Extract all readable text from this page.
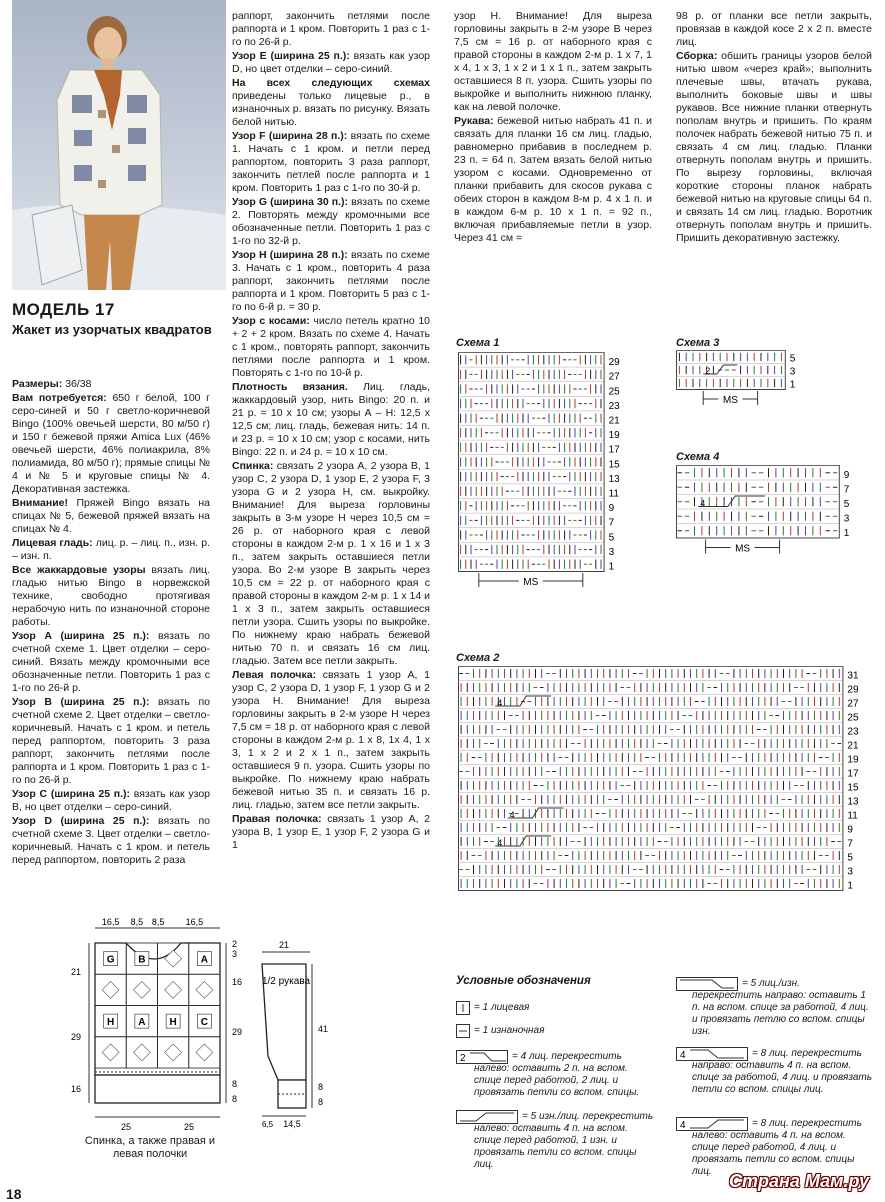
МОДЕЛЬ 17
Жакет из узорчатых квадратов

Размеры: 36/38

Вам потребуется: 650 г белой, 100 г серо-синей и 50 г светло-коричневой Bingo (100% овечьей шерсти, 80 м/50 г) и 150 г бежевой пряжи Amica Lux (46% овечьей шерсти, 46% полиакрила, 8% полиамида, 80 м/50 г); прямые спицы № 4 и № 5 и круговые спицы № 4. Декоративная застежка.

Внимание! Пряжей Bingo вязать на спицах № 5, бежевой пряжей вязать на спицах № 4.

Лицевая гладь: лиц. р. – лиц. п., изн. р. – изн. п.

Все жаккардовые узоры вязать лиц. гладью нитью Bingo в норвежской технике, свободно протягивая нерабочую нить по изнаночной стороне работы.

Узор А (ширина 25 п.): вязать по счетной схеме 1. Цвет отделки – серо-синий. Вязать между кромочными все обозначенные петли. Повторить 1 раз с 1-го по 26-й р.

Узор В (ширина 25 п.): вязать по счетной схеме 2. Цвет отделки – светло-коричневый. Начать с 1 кром. и петель перед раппортом, повторить 3 раза раппорт, закончить петлями после раппорта и 1 кром. Повторить 1 раз с 1-го по 26-й р.

Узор С (ширина 25 п.): вязать как узор В, но цвет отделки – серо-синий.

Узор D (ширина 25 п.): вязать по счетной схеме 3. Цвет отделки – светло-коричневый. Начать с 1 кром. и петель перед раппортом, повторить 2 раза

раппорт, закончить петлями после раппорта и 1 кром. Повторить 1 раз с 1-го по 26-й р.

Узор Е (ширина 25 п.): вязать как узор D, но цвет отделки – серо-синий.

На всех следующих схемах приведены только лицевые р., в изнаночных р. вязать по рисунку. Вязать белой нитью.

Узор F (ширина 28 п.): вязать по схеме 1. Начать с 1 кром. и петли перед раппортом, повторить 3 раза раппорт, закончить петлей после раппорта и 1 кром. Повторить 1 раз с 1-го по 30-й р.

Узор G (ширина 30 п.): вязать по схеме 2. Повторять между кромочными все обозначенные петли. Повторить 1 раз с 1-го по 32-й р.

Узор H (ширина 28 п.): вязать по схеме 3. Начать с 1 кром., повторить 4 раза раппорт, закончить петлями после раппорта и 1 кром. Повторить 5 раз с 1-го по 6-й р. = 30 р.

Узор с косами: число петель кратно 10 + 2 + 2 кром. Вязать по схеме 4. Начать с 1 кром., повторять раппорт, закончить петлями после раппорта и 1 кром. Повторять с 1-го по 10-й р.

Плотность вязания. Лиц. гладь, жаккардовый узор, нить Bingo: 20 п. и 21 р. = 10 x 10 см; узоры А – Н: 12,5 x 12,5 см; лиц. гладь, бежевая нить: 14 п. и 23 р. = 10 x 10 см; узор с косами, нить Bingo: 22 п. и 24 р. = 10 x 10 см.

Спинка: связать 2 узора А, 2 узора В, 1 узор С, 2 узора D, 1 узор Е, 2 узора F, 3 узора G и 2 узора H, см. выкройку. Внимание! Для выреза горловины закрыть в 3-м узоре H через 10,5 см = 26 р. от наборного края с левой стороны в каждом 2-м р. 1 x 16 и 1 x 3 п., затем закрыть оставшиеся петли узора. Во 2-м узоре В закрыть через 10,5 см = 22 р. от наборного края с правой стороны в каждом 2-м р. 1 x 14 и 1 x 3 п., затем закрыть оставшиеся петли узора. Сшить узоры по выкройке. По нижнему краю набрать бежевой нитью 70 п. и связать 16 см лиц. гладью. Затем все петли закрыть.

Левая полочка: связать 1 узор А, 1 узор С, 2 узора D, 1 узор F, 1 узор G и 2 узора H. Внимание! Для выреза горловины закрыть в 2-м узоре H через 7,5 см = 18 р. от наборного края с левой стороны в каждом 2-м р. 1 x 8, 1x 4, 1 x 3, 1 x 2 и 2 x 1 п., затем закрыть оставшиеся 9 п. узора. Сшить узоры по выкройке. По нижнему краю набрать бежевой нитью 35 п. и связать 16 р. лиц. гладью, затем все петли закрыть.

Правая полочка: связать 1 узор А, 2 узора В, 1 узор Е, 1 узор F, 2 узора G и 1

узор H. Внимание! Для выреза горловины закрыть в 2-м узоре В через 7,5 см = 16 р. от наборного края с правой стороны в каждом 2-м р. 1 x 7, 1 x 4, 1 x 3, 1 x 2 и 1 x 1 п., затем закрыть оставшиеся 8 п. узора. Сшить узоры по выкройке и выполнить нижнюю планку, как на левой полочке.

Рукава: бежевой нитью набрать 41 п. и связать для планки 16 см лиц. гладью, равномерно прибавив в последнем р. 23 п. = 64 п. Затем вязать белой нитью узором с косами. Одновременно от планки прибавить для скосов рукава с обеих сторон в каждом 8-м р. 4 x 1 п. и в каждом 6-м р. 10 x 1 п. = 92 п., включая прибавляемые петли в узор. Через 41 см =

98 р. от планки все петли закрыть, провязав в каждой косе 2 x 2 п. вместе лиц.

Сборка: обшить границы узоров белой нитью швом «через край»; выполнить плечевые швы, втачать рукава, выполнить боковые швы и швы рукавов. Все нижние планки отвернуть пополам внутрь и пришить. По краям полочек набрать бежевой нитью 75 п. и связать 4 см лиц. гладью. Планки отвернуть пополам внутрь и пришить. По вырезу горловины, включая короткие стороны планок набрать бежевой нитью на круговые спицы 64 п. и связать 14 см лиц. гладью. Воротник отвернуть пополам внутрь и пришить. Пришить декоративную застежку.

Схема 1	Схема 3
Схема 4
Схема 2
29
27
25
23
21
19
17
15
13
11
9
7
5
3
1
MS
5
3
1
2
MS
9
7
5
3
1
4
MS
31
29
27
25
23
21
19
17
15
13
11
9
7
5
3
1
4
4
4
Условные обозначения
= 1 лицевая
= 1 изнаночная
2	= 4 лиц. перекрестить налево: оставить 2 п. на вспом. спице перед работой, 2 лиц. и провязать петли со вспом. спицы.
= 5 изн./лиц. перекрестить налево: оставить 4 п. на вспом. спице перед работой, 1 изн. и провязать петли со вспом. спицы лиц.
= 5 лиц./изн. перекрестить направо: оставить 1 п. на вспом. спице за работой, 4 лиц. и провязать петлю со вспом. спицы изн.
4	= 8 лиц. перекрестить направо: оставить 4 п. на вспом. спице за работой, 4 лиц. и провязать петли со вспом. спицы лиц.
4	= 8 лиц. перекрестить налево: оставить 4 п. на вспом. спице перед работой, 4 лиц. и провязать петли со вспом. спицы лиц.
16,5 8,5 8,5 16,5
G B	A
H A H C
21
29
16
2
3
16
29
8
8
25	25
21
1/2 рукава
41
8
8
6,5 14,5
Спинка, а также правая и левая полочки
Страна Мам.ру
18
